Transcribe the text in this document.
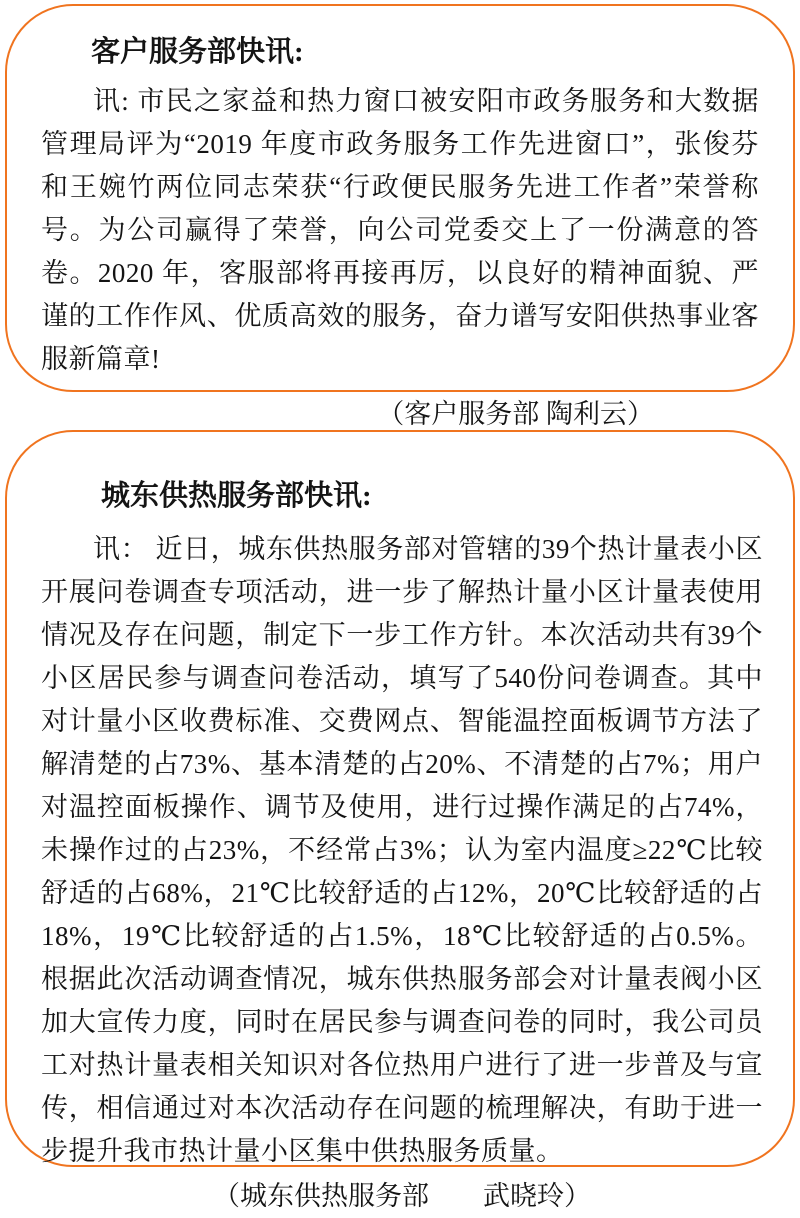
客户服务部快讯:

讯: 市民之家益和热力窗口被安阳市政务服务和大数据管理局评为“2019 年度市政务服务工作先进窗口”，张俊芬和王婉竹两位同志荣获“行政便民服务先进工作者”荣誉称号。为公司赢得了荣誉，向公司党委交上了一份满意的答卷。2020 年，客服部将再接再厉，以良好的精神面貌、严谨的工作作风、优质高效的服务，奋力谱写安阳供热事业客服新篇章!

（客户服务部 陶利云）
城东供热服务部快讯:

讯： 近日，城东供热服务部对管辖的39个热计量表小区开展问卷调查专项活动，进一步了解热计量小区计量表使用情况及存在问题，制定下一步工作方针。本次活动共有39个小区居民参与调查问卷活动，填写了540份问卷调查。其中对计量小区收费标准、交费网点、智能温控面板调节方法了解清楚的占73%、基本清楚的占20%、不清楚的占7%；用户对温控面板操作、调节及使用，进行过操作满足的占74%，未操作过的占23%，不经常占3%；认为室内温度≥22℃比较舒适的占68%，21℃比较舒适的占12%，20℃比较舒适的占18%，19℃比较舒适的占1.5%，18℃比较舒适的占0.5%。根据此次活动调查情况，城东供热服务部会对计量表阀小区加大宣传力度，同时在居民参与调查问卷的同时，我公司员工对热计量表相关知识对各位热用户进行了进一步普及与宣传，相信通过对本次活动存在问题的梳理解决，有助于进一步提升我市热计量小区集中供热服务质量。

（城东供热服务部　　武晓玲）
